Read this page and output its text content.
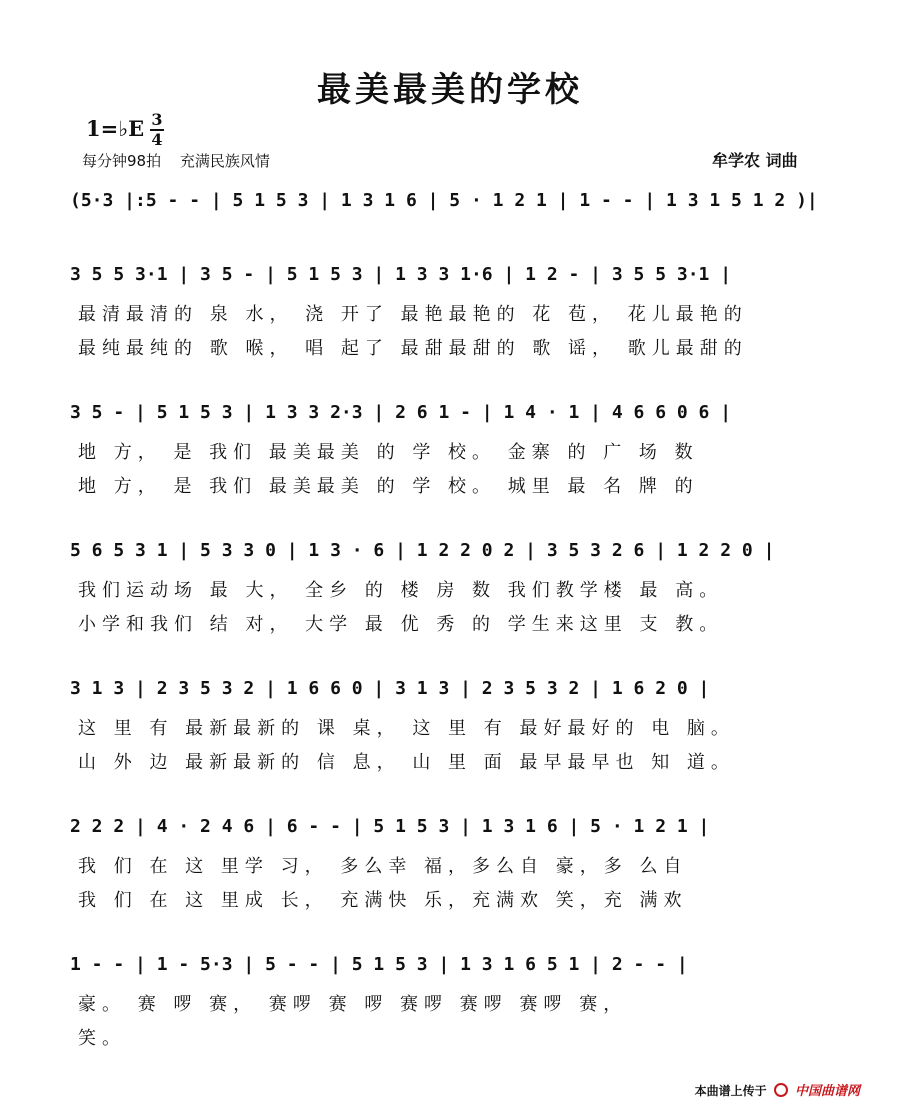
最美最美的学校
1=♭E 3
4
每分钟98拍 充满民族风情	牟学农 词曲
(5·3 |:5 - - | 5 1 5 3 | 1 3 1 6 | 5 · 1 2 1 | 1 - - | 1 3 1 5 1 2 )|
3 5 5 3·1 | 3 5 - | 5 1 5 3 | 1 3 3 1·6 | 1 2 - | 3 5 5 3·1 |
最清最清的 泉 水， 浇 开了 最艳最艳的 花 苞， 花儿最艳的
最纯最纯的 歌 喉， 唱 起了 最甜最甜的 歌 谣， 歌儿最甜的
3 5 - | 5 1 5 3 | 1 3 3 2·3 | 2 6 1 - | 1 4 · 1 | 4 6 6 0 6 |
地 方， 是 我们 最美最美 的 学 校。 金寨 的 广 场 数
地 方， 是 我们 最美最美 的 学 校。 城里 最 名 牌 的
5 6 5 3 1 | 5 3 3 0 | 1 3 · 6 | 1 2 2 0 2 | 3 5 3 2 6 | 1 2 2 0 |
我们运动场 最 大， 全乡 的 楼 房 数 我们教学楼 最 高。
小学和我们 结 对， 大学 最 优 秀 的 学生来这里 支 教。
3 1 3 | 2 3 5 3 2 | 1 6 6 0 | 3 1 3 | 2 3 5 3 2 | 1 6 2 0 |
这 里 有 最新最新的 课 桌， 这 里 有 最好最好的 电 脑。
山 外 边 最新最新的 信 息， 山 里 面 最早最早也 知 道。
2 2 2 | 4 · 2 4 6 | 6 - - | 5 1 5 3 | 1 3 1 6 | 5 · 1 2 1 |
我 们 在 这 里学 习， 多么幸 福，多么自 豪，多 么自
我 们 在 这 里成 长， 充满快 乐，充满欢 笑，充 满欢
1 - - | 1 - 5·3 | 5 - - | 5 1 5 3 | 1 3 1 6 5 1 | 2 - - |
豪。 赛 啰 赛， 赛啰 赛 啰 赛啰 赛啰 赛啰 赛，
笑。
本曲谱上传于 中国曲谱网
